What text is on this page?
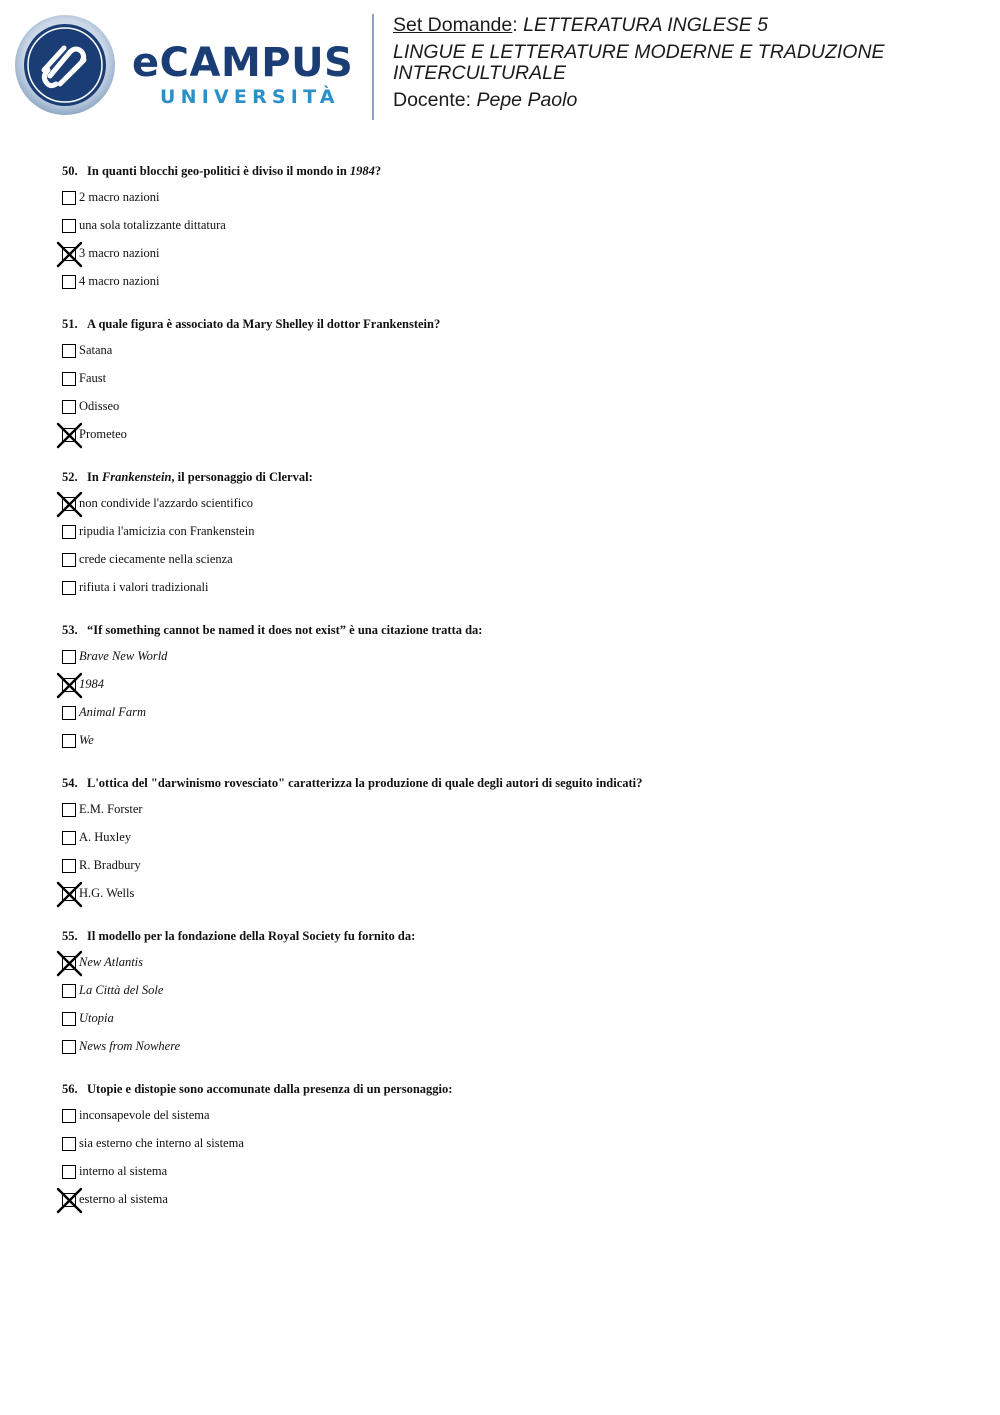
eCAMPUS
UNIVERSITÀ
Set Domande: LETTERATURA INGLESE 5
LINGUE E LETTERATURE MODERNE E TRADUZIONE INTERCULTURALE
Docente: Pepe Paolo
50. In quanti blocchi geo-politici è diviso il mondo in 1984?
2 macro nazioni
una sola totalizzante dittatura
3 macro nazioni
4 macro nazioni
51. A quale figura è associato da Mary Shelley il dottor Frankenstein?
Satana
Faust
Odisseo
Prometeo
52. In Frankenstein, il personaggio di Clerval:
non condivide l'azzardo scientifico
ripudia l'amicizia con Frankenstein
crede ciecamente nella scienza
rifiuta i valori tradizionali
53. “If something cannot be named it does not exist” è una citazione tratta da:
Brave New World
1984
Animal Farm
We
54. L'ottica del "darwinismo rovesciato" caratterizza la produzione di quale degli autori di seguito indicati?
E.M. Forster
A. Huxley
R. Bradbury
H.G. Wells
55. Il modello per la fondazione della Royal Society fu fornito da:
New Atlantis
La Città del Sole
Utopia
News from Nowhere
56. Utopie e distopie sono accomunate dalla presenza di un personaggio:
inconsapevole del sistema
sia esterno che interno al sistema
interno al sistema
esterno al sistema
